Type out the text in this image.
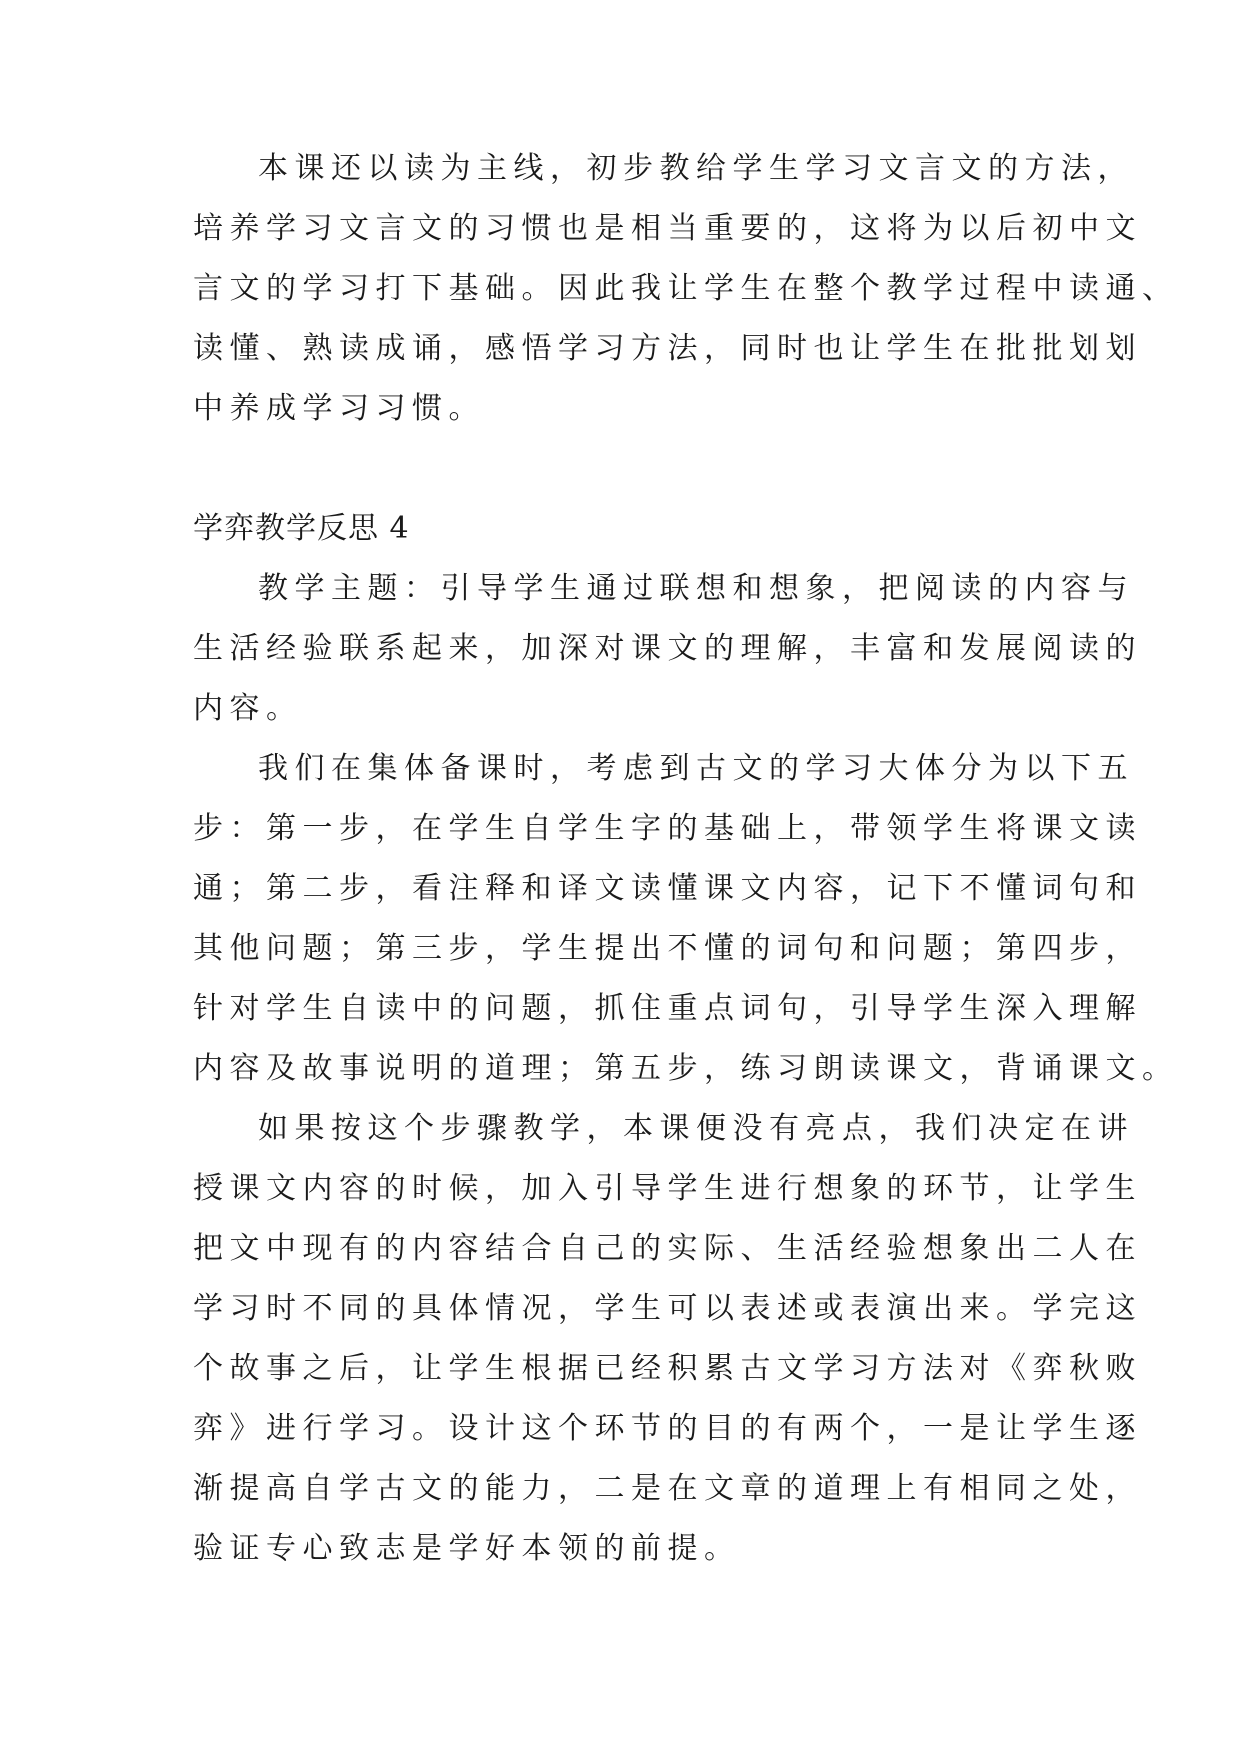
本课还以读为主线，初步教给学生学习文言文的方法，
培养学习文言文的习惯也是相当重要的，这将为以后初中文
言文的学习打下基础。因此我让学生在整个教学过程中读通、
读懂、熟读成诵，感悟学习方法，同时也让学生在批批划划
中养成学习习惯。
学弈教学反思 4
教学主题：引导学生通过联想和想象，把阅读的内容与
生活经验联系起来，加深对课文的理解，丰富和发展阅读的
内容。
我们在集体备课时，考虑到古文的学习大体分为以下五
步：第一步，在学生自学生字的基础上，带领学生将课文读
通；第二步，看注释和译文读懂课文内容，记下不懂词句和
其他问题；第三步，学生提出不懂的词句和问题；第四步，
针对学生自读中的问题，抓住重点词句，引导学生深入理解
内容及故事说明的道理；第五步，练习朗读课文，背诵课文。
如果按这个步骤教学，本课便没有亮点，我们决定在讲
授课文内容的时候，加入引导学生进行想象的环节，让学生
把文中现有的内容结合自己的实际、生活经验想象出二人在
学习时不同的具体情况，学生可以表述或表演出来。学完这
个故事之后，让学生根据已经积累古文学习方法对《弈秋败
弈》进行学习。设计这个环节的目的有两个，一是让学生逐
渐提高自学古文的能力，二是在文章的道理上有相同之处，
验证专心致志是学好本领的前提。
